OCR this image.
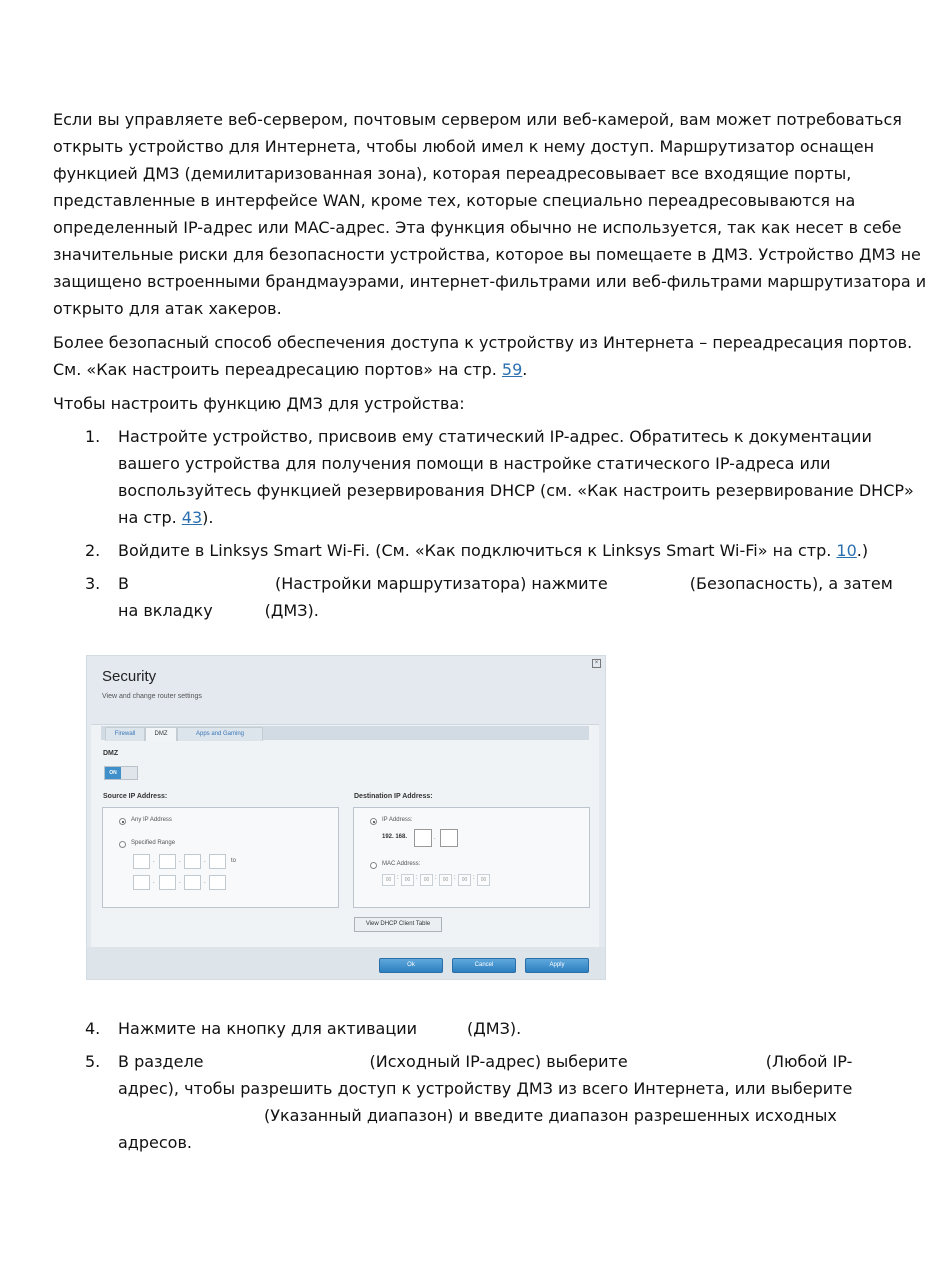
Если вы управляете веб-сервером, почтовым сервером или веб-камерой, вам может потребоваться открыть устройство для Интернета, чтобы любой имел к нему доступ. Маршрутизатор оснащен функцией ДМЗ (демилитаризованная зона), которая переадресовывает все входящие порты, представленные в интерфейсе WAN, кроме тех, которые специально переадресовываются на определенный IP-адрес или MAC-адрес. Эта функция обычно не используется, так как несет в себе значительные риски для безопасности устройства, которое вы помещаете в ДМЗ. Устройство ДМЗ не защищено встроенными брандмауэрами, интернет-фильтрами или веб-фильтрами маршрутизатора и открыто для атак хакеров.

Более безопасный способ обеспечения доступа к устройству из Интернета – переадресация портов. См. «Как настроить переадресацию портов» на стр. 59.

Чтобы настроить функцию ДМЗ для устройства:

1. Настройте устройство, присвоив ему статический IP-адрес. Обратитесь к документации вашего устройства для получения помощи в настройке статического IP-адреса или воспользуйтесь функцией резервирования DHCP (см. «Как настроить резервирование DHCP» на стр. 43).

2. Войдите в Linksys Smart Wi-Fi. (См. «Как подключиться к Linksys Smart Wi-Fi» на стр. 10.)

3. В	(Настройки маршрутизатора) нажмите	(Безопасность), а затем
на вкладку	(ДМЗ).
Security
View and change router settings
×
Firewall	DMZ	Apps and Gaming
DMZ
ON
Source IP Address:
Any IP Address
Specified Range
.	.	.	to
.	.	.
Destination IP Address:
IP Address:
192. 168.	.
MAC Address:
00 :	00 :	00 :	00 :	00 :	00
View DHCP Client Table
Ok	Cancel	Apply
4. Нажмите на кнопку для активации	(ДМЗ).
5. В разделе	(Исходный IP-адрес) выберите	(Любой IP-
адрес), чтобы разрешить доступ к устройству ДМЗ из всего Интернета, или выберите
(Указанный диапазон) и введите диапазон разрешенных исходных
адресов.
